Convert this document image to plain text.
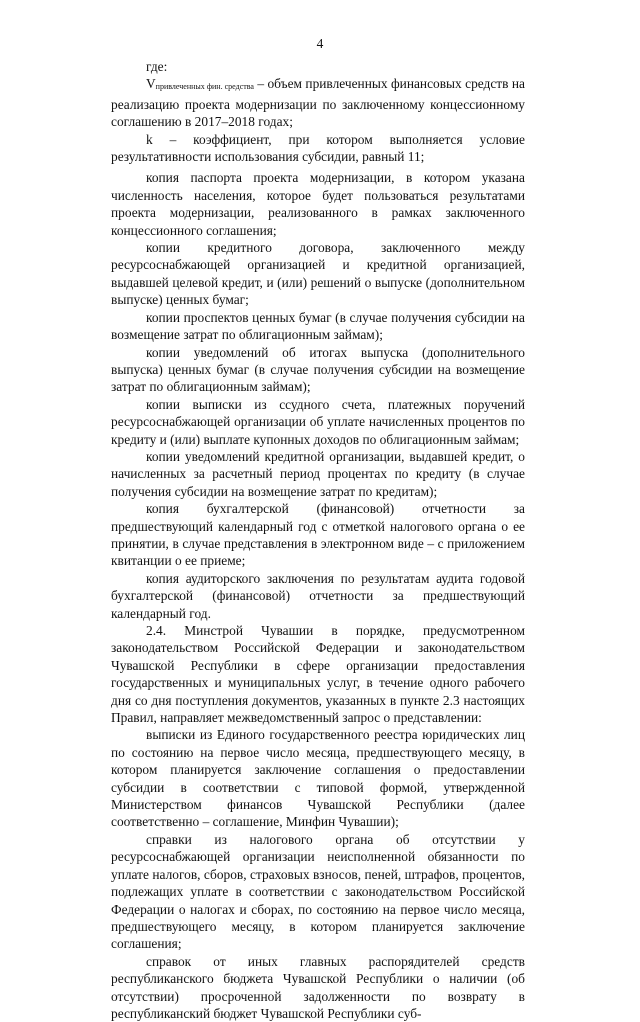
4

где:

Vпривлеченных фин. средства – объем привлеченных финансовых средств на реализацию проекта модернизации по заключенному концессионному соглашению в 2017–2018 годах;

k – коэффициент, при котором выполняется условие результативности использования субсидии, равный 11;

копия паспорта проекта модернизации, в котором указана численность населения, которое будет пользоваться результатами проекта модернизации, реализованного в рамках заключенного концессионного соглашения;

копии кредитного договора, заключенного между ресурсоснабжающей организацией и кредитной организацией, выдавшей целевой кредит, и (или) решений о выпуске (дополнительном выпуске) ценных бумаг;

копии проспектов ценных бумаг (в случае получения субсидии на возмещение затрат по облигационным займам);

копии уведомлений об итогах выпуска (дополнительного выпуска) ценных бумаг (в случае получения субсидии на возмещение затрат по облигационным займам);

копии выписки из ссудного счета, платежных поручений ресурсоснабжающей организации об уплате начисленных процентов по кредиту и (или) выплате купонных доходов по облигационным займам;

копии уведомлений кредитной организации, выдавшей кредит, о начисленных за расчетный период процентах по кредиту (в случае получения субсидии на возмещение затрат по кредитам);

копия бухгалтерской (финансовой) отчетности за предшествующий календарный год с отметкой налогового органа о ее принятии, в случае представления в электронном виде – с приложением квитанции о ее приеме;

копия аудиторского заключения по результатам аудита годовой бухгалтерской (финансовой) отчетности за предшествующий календарный год.

2.4. Минстрой Чувашии в порядке, предусмотренном законодательством Российской Федерации и законодательством Чувашской Республики в сфере организации предоставления государственных и муниципальных услуг, в течение одного рабочего дня со дня поступления документов, указанных в пункте 2.3 настоящих Правил, направляет межведомственный запрос о представлении:

выписки из Единого государственного реестра юридических лиц по состоянию на первое число месяца, предшествующего месяцу, в котором планируется заключение соглашения о предоставлении субсидии в соответствии с типовой формой, утвержденной Министерством финансов Чувашской Республики (далее соответственно – соглашение, Минфин Чувашии);

справки из налогового органа об отсутствии у ресурсоснабжающей организации неисполненной обязанности по уплате налогов, сборов, страховых взносов, пеней, штрафов, процентов, подлежащих уплате в соответствии с законодательством Российской Федерации о налогах и сборах, по состоянию на первое число месяца, предшествующего месяцу, в котором планируется заключение соглашения;

справок от иных главных распорядителей средств республиканского бюджета Чувашской Республики о наличии (об отсутствии) просроченной задолженности по возврату в республиканский бюджет Чувашской Республики суб-
